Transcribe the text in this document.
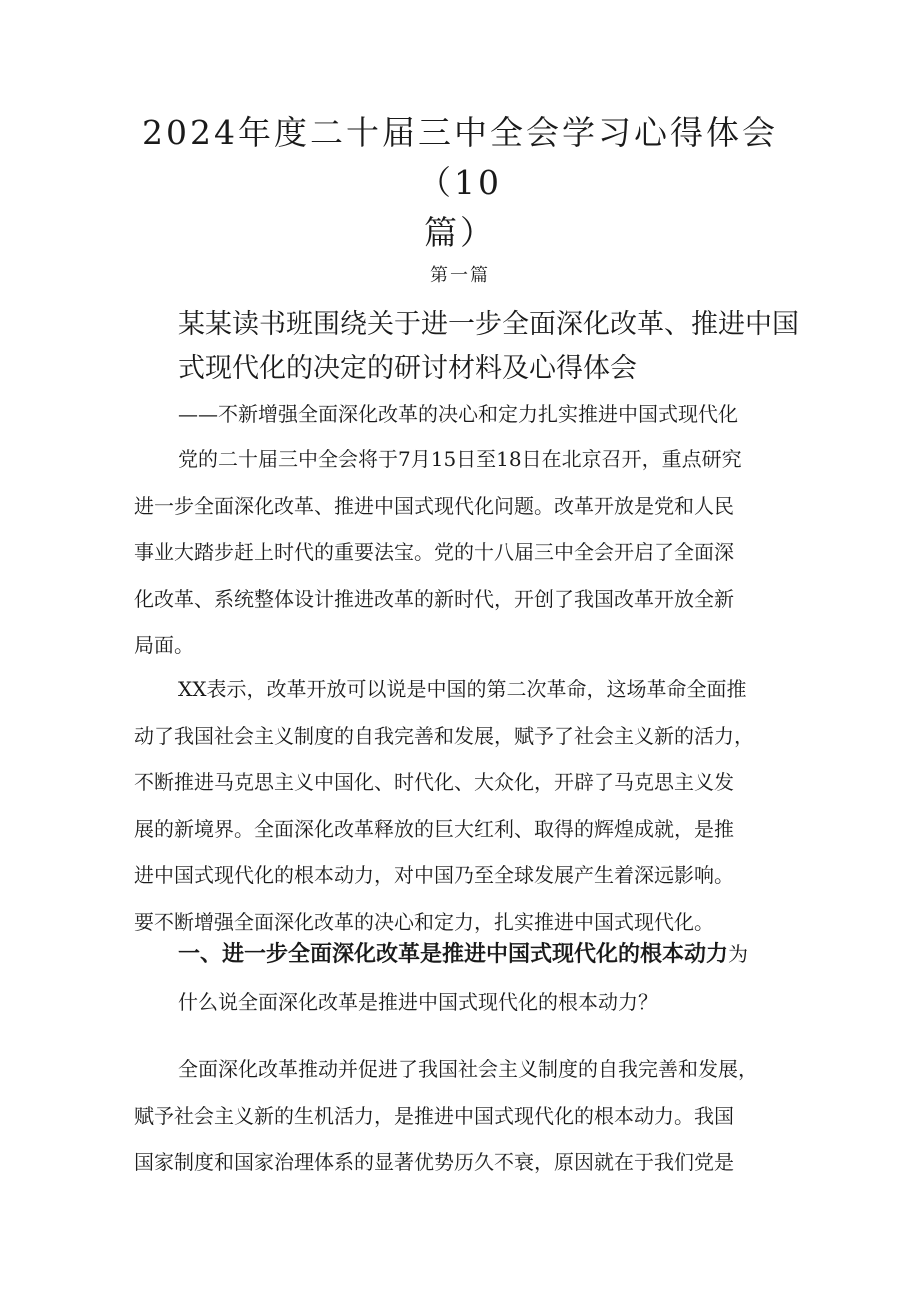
2024年度二十届三中全会学习心得体会（10
篇）
第一篇
某某读书班围绕关于进一步全面深化改革、推进中国
式现代化的决定的研讨材料及心得体会
——不新增强全面深化改革的决心和定力扎实推进中国式现代化

党的二十届三中全会将于7月15日至18日在北京召开，重点研究
进一步全面深化改革、推进中国式现代化问题。改革开放是党和人民
事业大踏步赶上时代的重要法宝。党的十八届三中全会开启了全面深
化改革、系统整体设计推进改革的新时代，开创了我国改革开放全新
局面。

XX表示，改革开放可以说是中国的第二次革命，这场革命全面推
动了我国社会主义制度的自我完善和发展，赋予了社会主义新的活力，
不断推进马克思主义中国化、时代化、大众化，开辟了马克思主义发
展的新境界。全面深化改革释放的巨大红利、取得的辉煌成就，是推
进中国式现代化的根本动力，对中国乃至全球发展产生着深远影响。
要不断增强全面深化改革的决心和定力，扎实推进中国式现代化。

一、进一步全面深化改革是推进中国式现代化的根本动力为
什么说全面深化改革是推进中国式现代化的根本动力？

全面深化改革推动并促进了我国社会主义制度的自我完善和发展，
赋予社会主义新的生机活力，是推进中国式现代化的根本动力。我国
国家制度和国家治理体系的显著优势历久不衰，原因就在于我们党是
